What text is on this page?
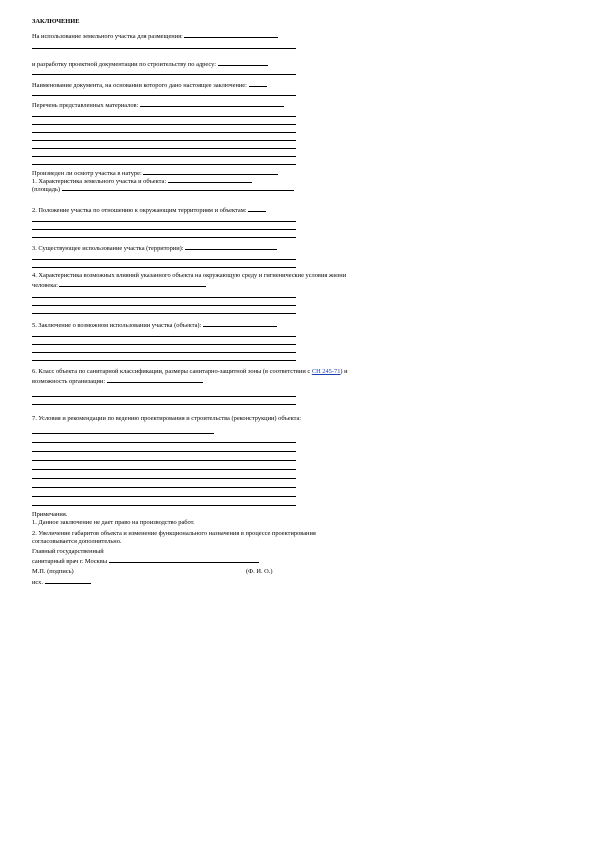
ЗАКЛЮЧЕНИЕ
На использование земельного участка для размещения:
и разработку проектной документации по строительству по адресу:
Наименование документа, на основании которого дано настоящее заключение:
Перечень представленных материалов:
Произведен ли осмотр участка в натуре:
1. Характеристика земельного участка и объекта:
(площадь)
2. Положение участка по отношению к окружающим территориям и объектам:
3. Существующее использование участка (территории):
4. Характеристика возможных влияний указанного объекта на окружающую среду и гигиенические условия жизни
человека:
5. Заключение о возможном использовании участка (объекта):
6. Класс объекта по санитарной классификации, размеры санитарно-защитной зоны (в соответствии с СН 245-71) и
возможность организации:
7. Условия и рекомендации по ведению проектирования и строительства (реконструкции) объекта:
Примечания.
1. Данное заключение не дает право на производство работ.
2. Увеличение габаритов объекта и изменение функционального назначения в процессе проектирования
согласовывается дополнительно.
Главный государственный
санитарный врач г. Москвы
М.П. (подпись)	(Ф. И. О.)
исх.
